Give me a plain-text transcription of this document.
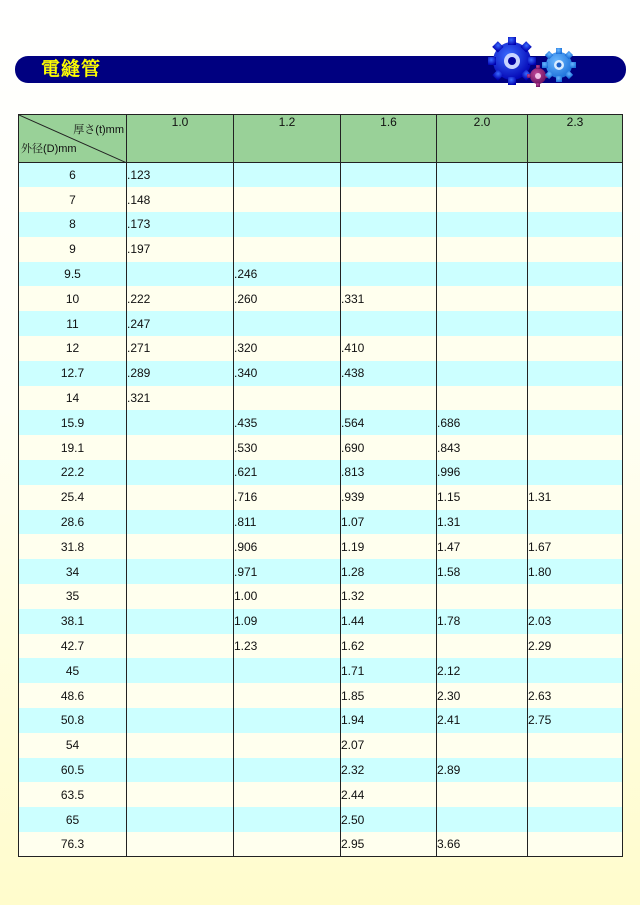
電縫管
厚さ(t)mm
外径(D)mm	1.0	1.2	1.6	2.0	2.3
6	.123				
7	.148				
8	.173				
9	.197				
9.5		.246			
10	.222	.260	.331		
11	.247				
12	.271	.320	.410		
12.7	.289	.340	.438		
14	.321				
15.9		.435	.564	.686	
19.1		.530	.690	.843	
22.2		.621	.813	.996	
25.4		.716	.939	1.15	1.31
28.6		.811	1.07	1.31	
31.8		.906	1.19	1.47	1.67
34		.971	1.28	1.58	1.80
35		1.00	1.32		
38.1		1.09	1.44	1.78	2.03
42.7		1.23	1.62		2.29
45			1.71	2.12	
48.6			1.85	2.30	2.63
50.8			1.94	2.41	2.75
54			2.07		
60.5			2.32	2.89	
63.5			2.44		
65			2.50		
76.3			2.95	3.66	
